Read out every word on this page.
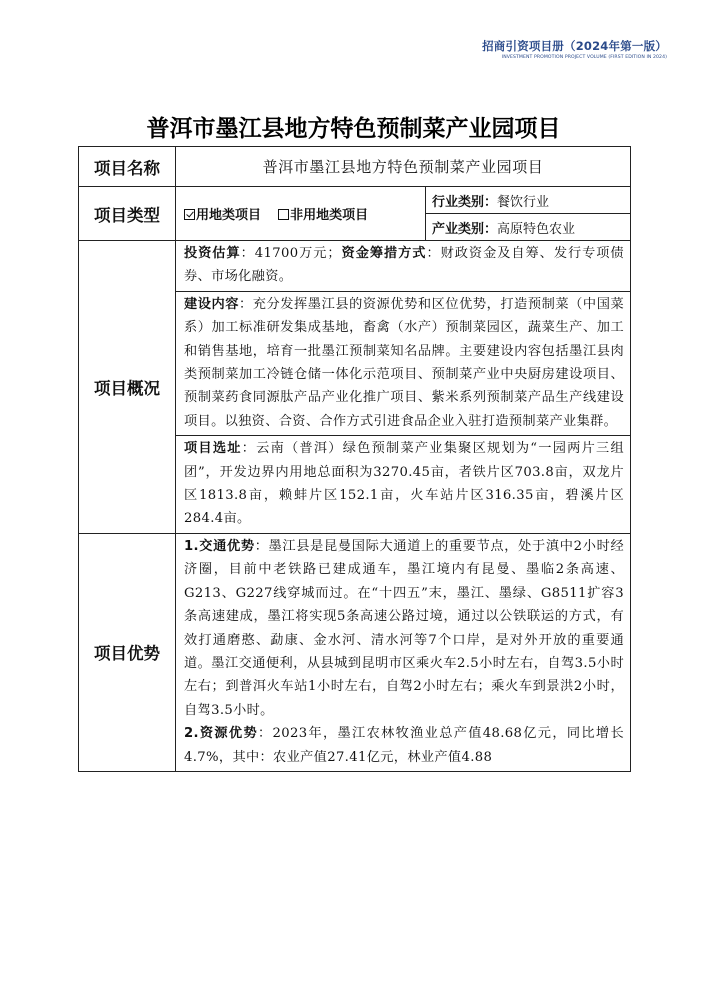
招商引资项目册（2024年第一版）
INVESTMENT PROMOTION PROJECT VOLUME (FIRST EDITION IN 2024)
普洱市墨江县地方特色预制菜产业园项目
项目名称	普洱市墨江县地方特色预制菜产业园项目	
项目类型	用地类项目 非用地类项目	行业类别：餐饮行业
		产业类别：高原特色农业
项目概况	投资估算：41700万元；资金筹措方式：财政资金及自筹、发行专项债券、市场化融资。	
	建设内容：充分发挥墨江县的资源优势和区位优势，打造预制菜（中国菜系）加工标准研发集成基地，畜禽（水产）预制菜园区，蔬菜生产、加工和销售基地，培育一批墨江预制菜知名品牌。主要建设内容包括墨江县肉类预制菜加工冷链仓储一体化示范项目、预制菜产业中央厨房建设项目、预制菜药食同源肽产品产业化推广项目、紫米系列预制菜产品生产线建设项目。以独资、合资、合作方式引进食品企业入驻打造预制菜产业集群。	
	项目选址：云南（普洱）绿色预制菜产业集聚区规划为“一园两片三组团”，开发边界内用地总面积为3270.45亩，者铁片区703.8亩，双龙片区1813.8亩，赖蚌片区152.1亩，火车站片区316.35亩，碧溪片区284.4亩。	
项目优势	1.交通优势：墨江县是昆曼国际大通道上的重要节点，处于滇中2小时经济圈，目前中老铁路已建成通车，墨江境内有昆曼、墨临2条高速、G213、G227线穿城而过。在“十四五”末，墨江、墨绿、G8511扩容3条高速建成，墨江将实现5条高速公路过境，通过以公铁联运的方式，有效打通磨憨、勐康、金水河、清水河等7个口岸，是对外开放的重要通道。墨江交通便利，从县城到昆明市区乘火车2.5小时左右，自驾3.5小时左右；到普洱火车站1小时左右，自驾2小时左右；乘火车到景洪2小时，自驾3.5小时。
2.资源优势：2023年，墨江农林牧渔业总产值48.68亿元，同比增长4.7%，其中：农业产值27.41亿元，林业产值4.88	
